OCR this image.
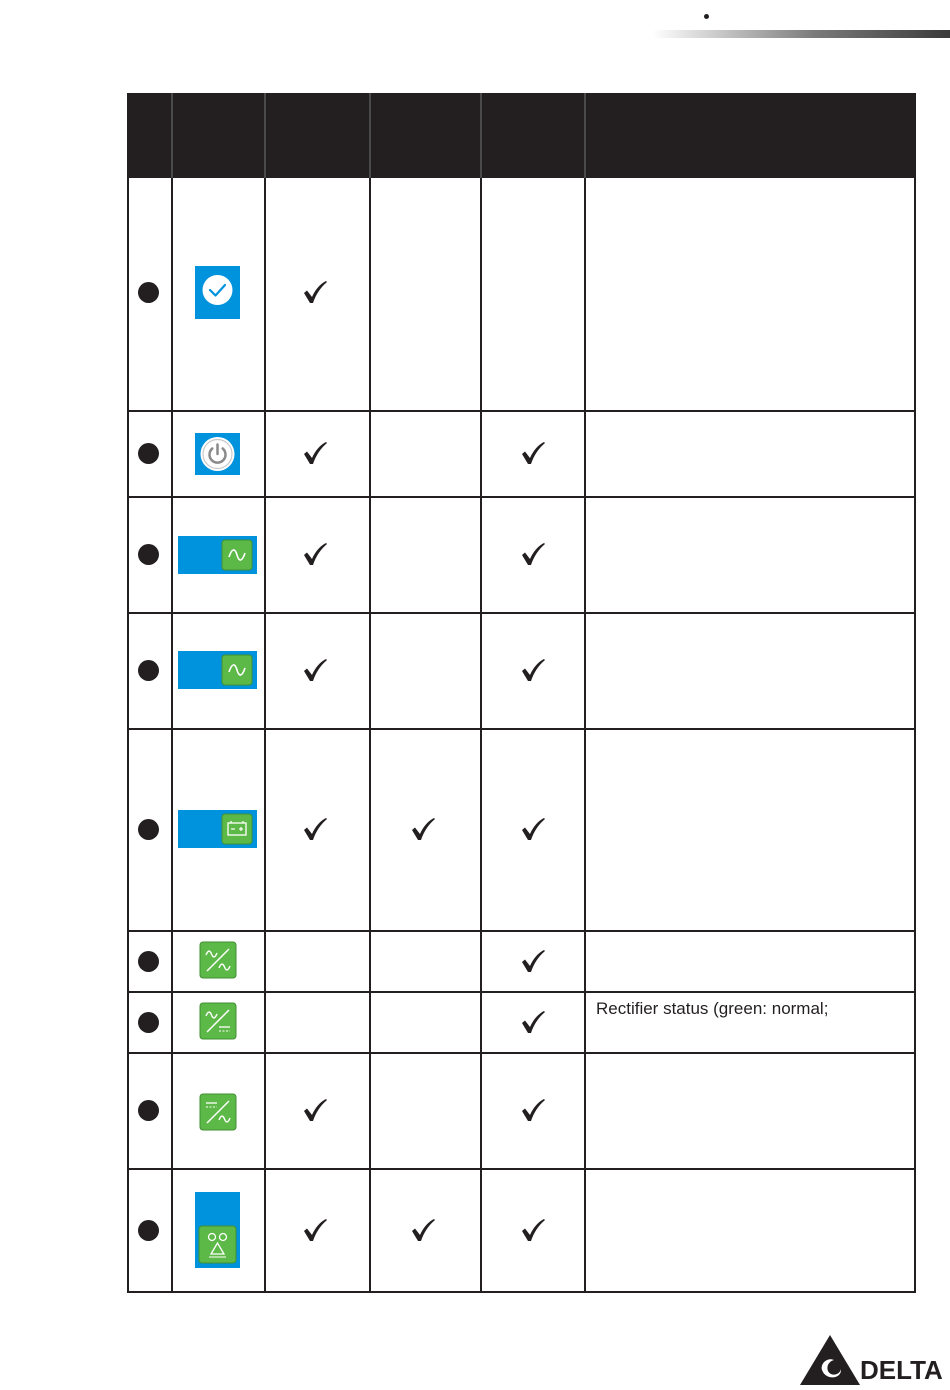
Rectifier status (green: normal;
DELTA
